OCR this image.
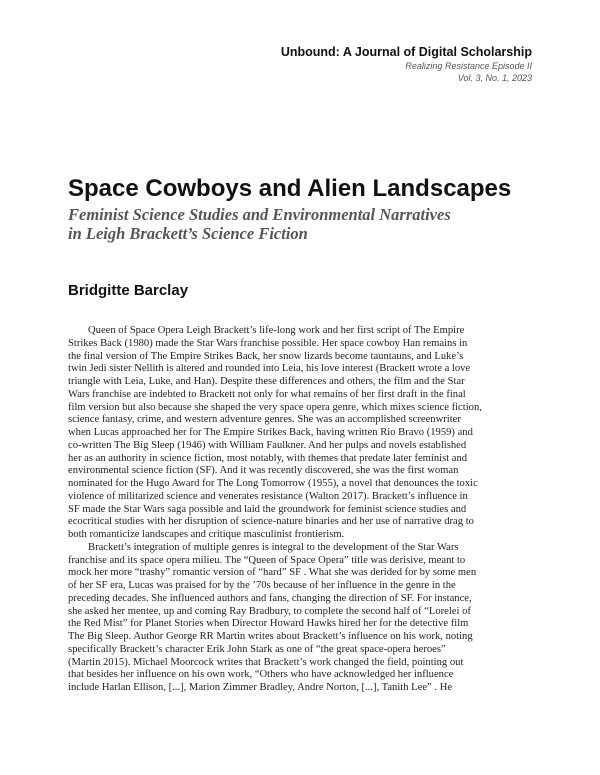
Unbound: A Journal of Digital Scholarship
Realizing Resistance Episode II
Vol. 3, No. 1, 2023
Space Cowboys and Alien Landscapes
Feminist Science Studies and Environmental Narratives
in Leigh Brackett’s Science Fiction
Bridgitte Barclay

Queen of Space Opera Leigh Brackett’s life-long work and her first script of The Empire
Strikes Back (1980) made the Star Wars franchise possible. Her space cowboy Han remains in
the final version of The Empire Strikes Back, her snow lizards become tauntauns, and Luke’s
twin Jedi sister Nellith is altered and rounded into Leia, his love interest (Brackett wrote a love
triangle with Leia, Luke, and Han). Despite these differences and others, the film and the Star
Wars franchise are indebted to Brackett not only for what remains of her first draft in the final
film version but also because she shaped the very space opera genre, which mixes science fiction,
science fantasy, crime, and western adventure genres. She was an accomplished screenwriter
when Lucas approached her for The Empire Strikes Back, having written Rio Bravo (1959) and
co-written The Big Sleep (1946) with William Faulkner. And her pulps and novels established
her as an authority in science fiction, most notably, with themes that predate later feminist and
environmental science fiction (SF). And it was recently discovered, she was the first woman
nominated for the Hugo Award for The Long Tomorrow (1955), a novel that denounces the toxic
violence of militarized science and venerates resistance (Walton 2017). Brackett’s influence in
SF made the Star Wars saga possible and laid the groundwork for feminist science studies and
ecocritical studies with her disruption of science-nature binaries and her use of narrative drag to
both romanticize landscapes and critique masculinist frontierism.

Brackett’s integration of multiple genres is integral to the development of the Star Wars
franchise and its space opera milieu. The “Queen of Space Opera” title was derisive, meant to
mock her more “trashy” romantic version of “hard” SF . What she was derided for by some men
of her SF era, Lucas was praised for by the ’70s because of her influence in the genre in the
preceding decades. She influenced authors and fans, changing the direction of SF. For instance,
she asked her mentee, up and coming Ray Bradbury, to complete the second half of “Lorelei of
the Red Mist” for Planet Stories when Director Howard Hawks hired her for the detective film
The Big Sleep. Author George RR Martin writes about Brackett’s influence on his work, noting
specifically Brackett’s character Erik John Stark as one of “the great space-opera heroes”
(Martin 2015). Michael Moorcock writes that Brackett’s work changed the field, pointing out
that besides her influence on his own work, “Others who have acknowledged her influence
include Harlan Ellison, [...], Marion Zimmer Bradley, Andre Norton, [...], Tanith Lee” . He
